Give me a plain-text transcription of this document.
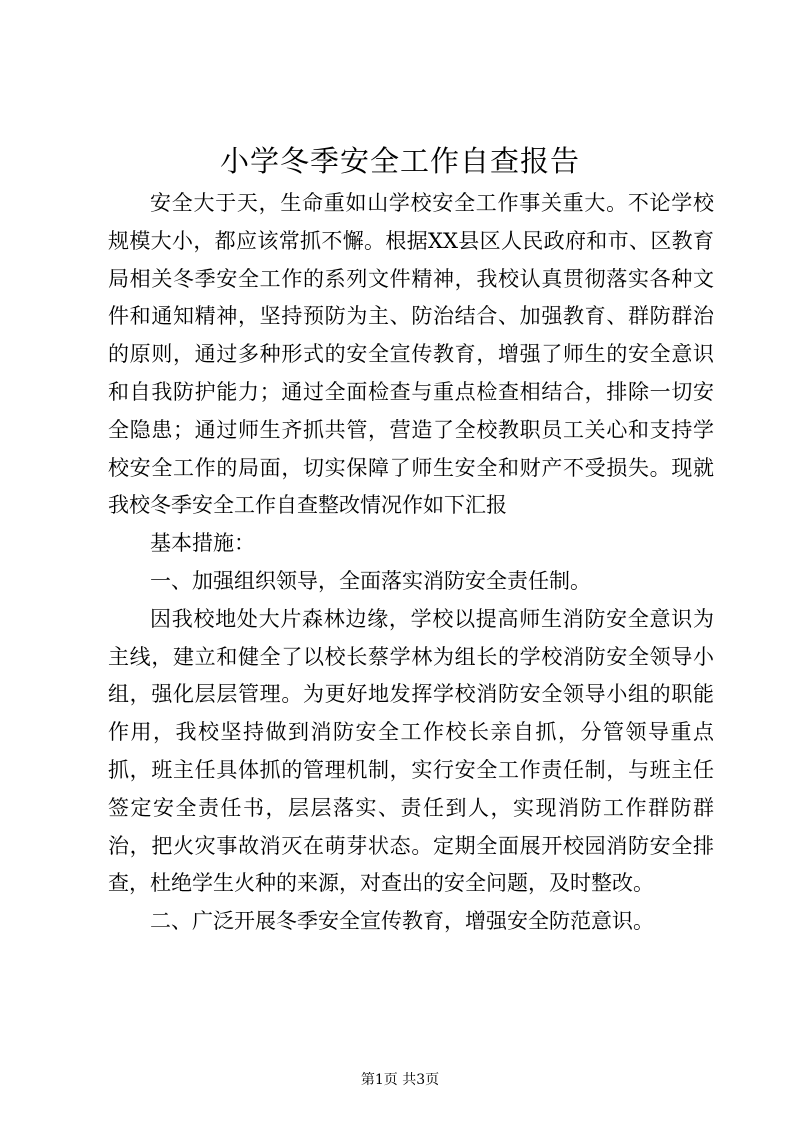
小学冬季安全工作自查报告

安全大于天，生命重如山学校安全工作事关重大。不论学校规模大小，都应该常抓不懈。根据XX县区人民政府和市、区教育局相关冬季安全工作的系列文件精神，我校认真贯彻落实各种文件和通知精神，坚持预防为主、防治结合、加强教育、群防群治的原则，通过多种形式的安全宣传教育，增强了师生的安全意识和自我防护能力；通过全面检查与重点检查相结合，排除一切安全隐患；通过师生齐抓共管，营造了全校教职员工关心和支持学校安全工作的局面，切实保障了师生安全和财产不受损失。现就我校冬季安全工作自查整改情况作如下汇报

基本措施：

一、加强组织领导，全面落实消防安全责任制。

因我校地处大片森林边缘，学校以提高师生消防安全意识为主线，建立和健全了以校长蔡学林为组长的学校消防安全领导小组，强化层层管理。为更好地发挥学校消防安全领导小组的职能作用，我校坚持做到消防安全工作校长亲自抓，分管领导重点抓，班主任具体抓的管理机制，实行安全工作责任制，与班主任签定安全责任书，层层落实、责任到人，实现消防工作群防群治，把火灾事故消灭在萌芽状态。定期全面展开校园消防安全排查，杜绝学生火种的来源，对查出的安全问题，及时整改。

二、广泛开展冬季安全宣传教育，增强安全防范意识。

第1页 共3页
